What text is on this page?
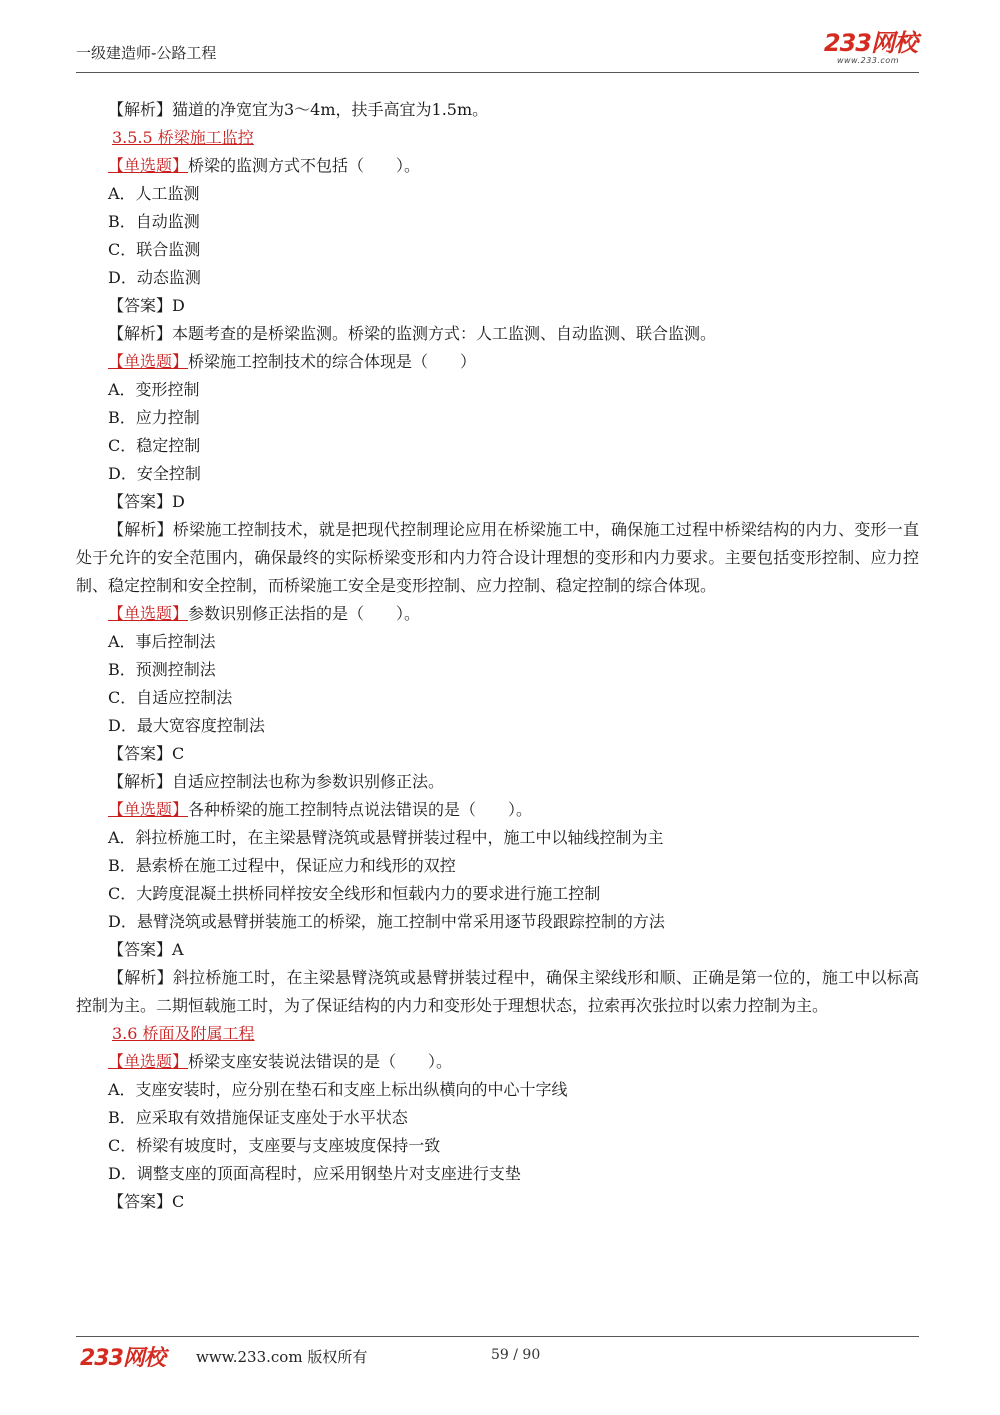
一级建造师-公路工程	233网校
www.233.com
【解析】猫道的净宽宜为3～4m，扶手高宜为1.5m。
3.5.5 桥梁施工监控
【单选题】桥梁的监测方式不包括（　　）。
A．人工监测
B．自动监测
C．联合监测
D．动态监测
【答案】D
【解析】本题考查的是桥梁监测。桥梁的监测方式：人工监测、自动监测、联合监测。
【单选题】桥梁施工控制技术的综合体现是（　　）
A．变形控制
B．应力控制
C．稳定控制
D．安全控制
【答案】D
【解析】桥梁施工控制技术，就是把现代控制理论应用在桥梁施工中，确保施工过程中桥梁结构的内力、变形一直处于允许的安全范围内，确保最终的实际桥梁变形和内力符合设计理想的变形和内力要求。主要包括变形控制、应力控制、稳定控制和安全控制，而桥梁施工安全是变形控制、应力控制、稳定控制的综合体现。
【单选题】参数识别修正法指的是（　　）。
A．事后控制法
B．预测控制法
C．自适应控制法
D．最大宽容度控制法
【答案】C
【解析】自适应控制法也称为参数识别修正法。
【单选题】各种桥梁的施工控制特点说法错误的是（　　）。
A．斜拉桥施工时，在主梁悬臂浇筑或悬臂拼装过程中，施工中以轴线控制为主
B．悬索桥在施工过程中，保证应力和线形的双控
C．大跨度混凝土拱桥同样按安全线形和恒载内力的要求进行施工控制
D．悬臂浇筑或悬臂拼装施工的桥梁，施工控制中常采用逐节段跟踪控制的方法
【答案】A
【解析】斜拉桥施工时，在主梁悬臂浇筑或悬臂拼装过程中，确保主梁线形和顺、正确是第一位的，施工中以标高控制为主。二期恒载施工时，为了保证结构的内力和变形处于理想状态，拉索再次张拉时以索力控制为主。
3.6 桥面及附属工程
【单选题】桥梁支座安装说法错误的是（　　）。
A．支座安装时，应分别在垫石和支座上标出纵横向的中心十字线
B．应采取有效措施保证支座处于水平状态
C．桥梁有坡度时，支座要与支座坡度保持一致
D．调整支座的顶面高程时，应采用钢垫片对支座进行支垫
【答案】C
233网校 www.233.com 版权所有	59 / 90
